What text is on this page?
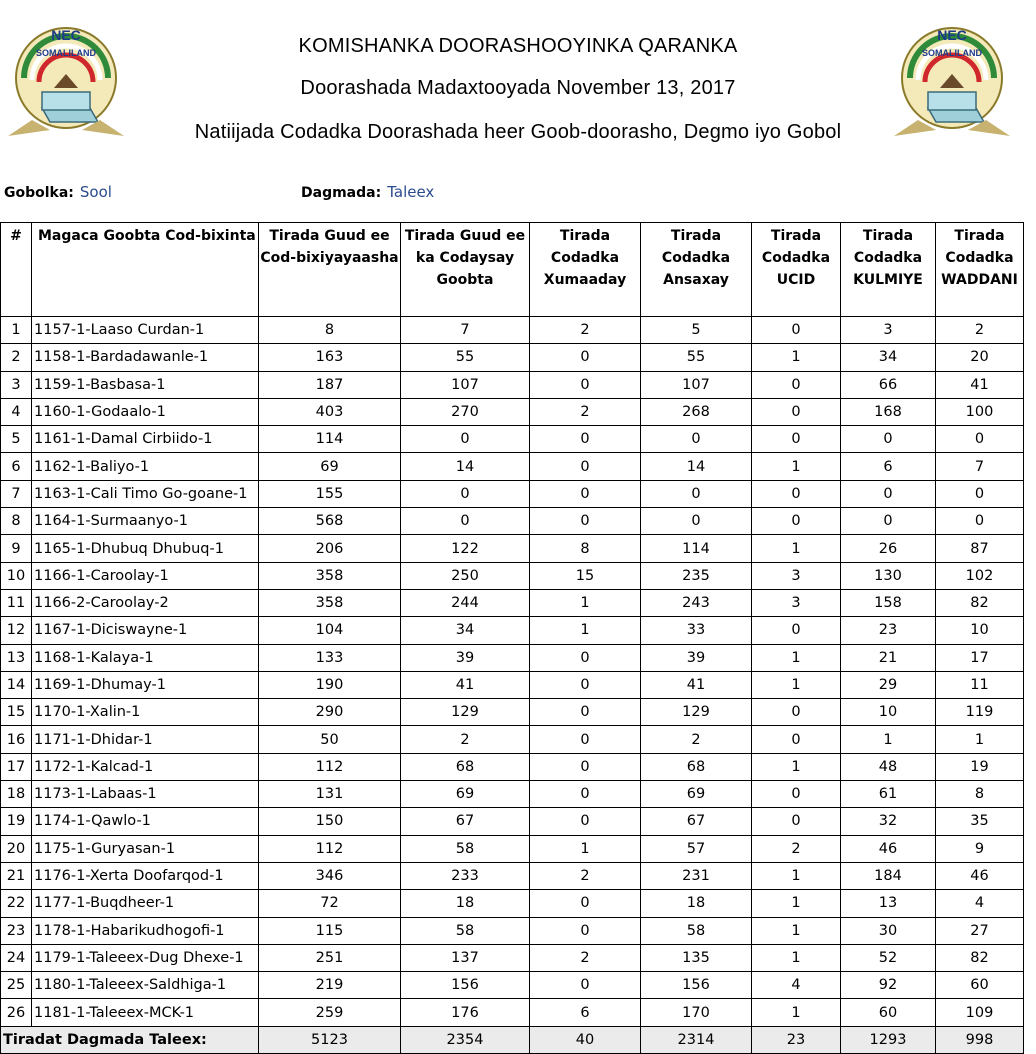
NEC
SOMALILAND
NEC
SOMALILAND
KOMISHANKA DOORASHOOYINKA QARANKA
Doorashada Madaxtooyada November 13, 2017
Natiijada Codadka Doorashada heer Goob-doorasho, Degmo iyo Gobol
Gobolka: Sool	Dagmada: Taleex
#	Magaca Goobta Cod-bixinta	Tirada Guud ee Cod-bixiyayaasha	Tirada Guud ee ka Codaysay Goobta	Tirada Codadka Xumaaday	Tirada Codadka Ansaxay	Tirada Codadka UCID	Tirada Codadka KULMIYE	Tirada Codadka WADDANI
1	1157-1-Laaso Curdan-1	8	7	2	5	0	3	2
2	1158-1-Bardadawanle-1	163	55	0	55	1	34	20
3	1159-1-Basbasa-1	187	107	0	107	0	66	41
4	1160-1-Godaalo-1	403	270	2	268	0	168	100
5	1161-1-Damal Cirbiido-1	114	0	0	0	0	0	0
6	1162-1-Baliyo-1	69	14	0	14	1	6	7
7	1163-1-Cali Timo Go-goane-1	155	0	0	0	0	0	0
8	1164-1-Surmaanyo-1	568	0	0	0	0	0	0
9	1165-1-Dhubuq Dhubuq-1	206	122	8	114	1	26	87
10	1166-1-Caroolay-1	358	250	15	235	3	130	102
11	1166-2-Caroolay-2	358	244	1	243	3	158	82
12	1167-1-Diciswayne-1	104	34	1	33	0	23	10
13	1168-1-Kalaya-1	133	39	0	39	1	21	17
14	1169-1-Dhumay-1	190	41	0	41	1	29	11
15	1170-1-Xalin-1	290	129	0	129	0	10	119
16	1171-1-Dhidar-1	50	2	0	2	0	1	1
17	1172-1-Kalcad-1	112	68	0	68	1	48	19
18	1173-1-Labaas-1	131	69	0	69	0	61	8
19	1174-1-Qawlo-1	150	67	0	67	0	32	35
20	1175-1-Guryasan-1	112	58	1	57	2	46	9
21	1176-1-Xerta Doofarqod-1	346	233	2	231	1	184	46
22	1177-1-Buqdheer-1	72	18	0	18	1	13	4
23	1178-1-Habarikudhogofi-1	115	58	0	58	1	30	27
24	1179-1-Taleeex-Dug Dhexe-1	251	137	2	135	1	52	82
25	1180-1-Taleeex-Saldhiga-1	219	156	0	156	4	92	60
26	1181-1-Taleeex-MCK-1	259	176	6	170	1	60	109
Tiradat Dagmada Taleex:		5123	2354	40	2314	23	1293	998
